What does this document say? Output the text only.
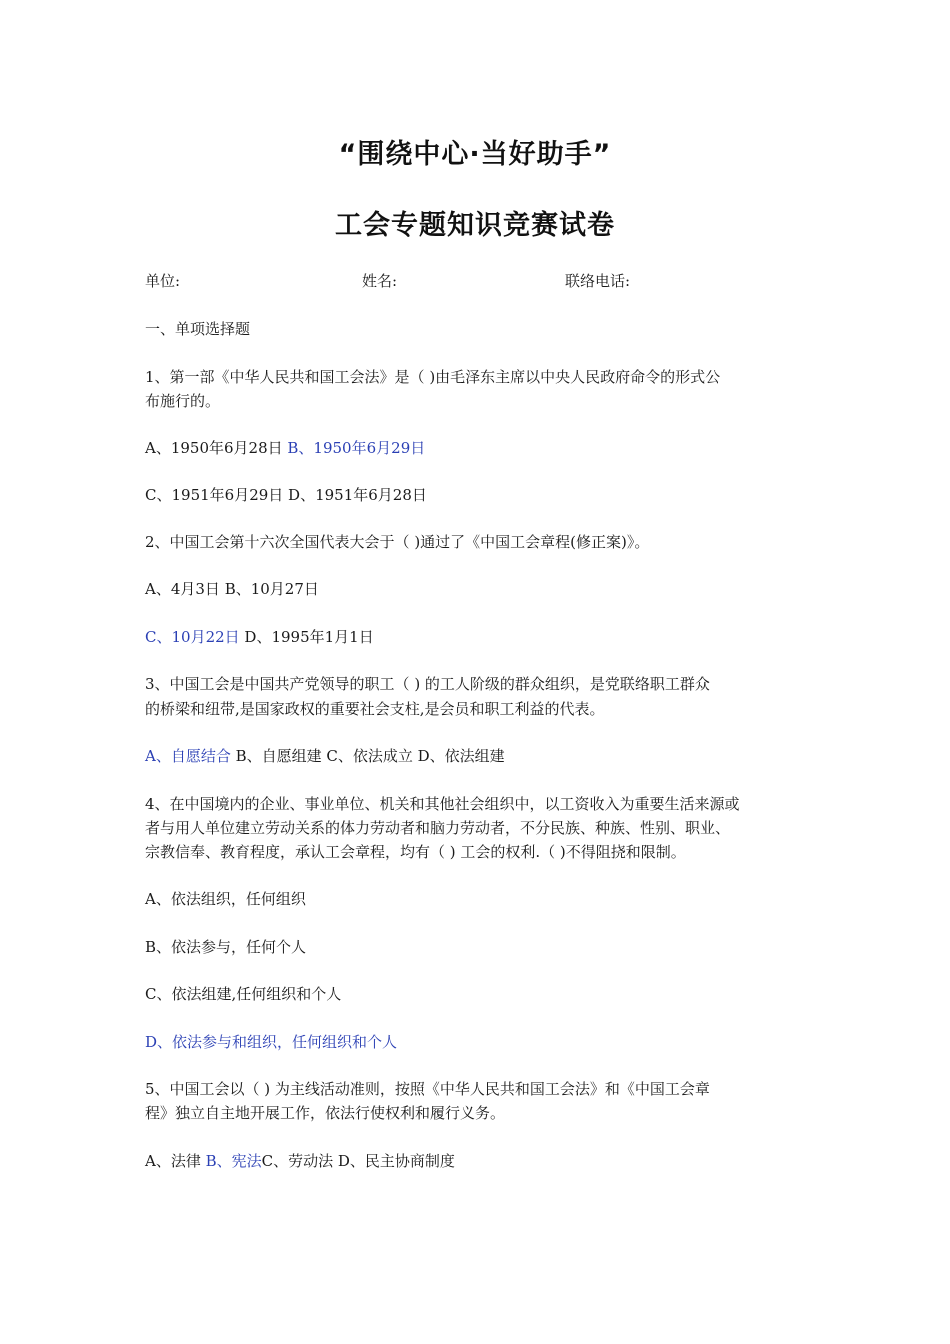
“围绕中心·当好助手”
工会专题知识竞赛试卷
单位:	姓名:	联络电话:
一、单项选择题
1、第一部《中华人民共和国工会法》是（ )由毛泽东主席以中央人民政府命令的形式公
布施行的。
A、1950年6月28日 B、1950年6月29日
C、1951年6月29日 D、1951年6月28日
2、中国工会第十六次全国代表大会于（ )通过了《中国工会章程(修正案)》。
A、4月3日 B、10月27日
C、10月22日 D、1995年1月1日
3、中国工会是中国共产党领导的职工（ ) 的工人阶级的群众组织，是党联络职工群众
的桥梁和纽带,是国家政权的重要社会支柱,是会员和职工利益的代表。
A、自愿结合 B、自愿组建 C、依法成立 D、依法组建
4、在中国境内的企业、事业单位、机关和其他社会组织中，以工资收入为重要生活来源或
者与用人单位建立劳动关系的体力劳动者和脑力劳动者，不分民族、种族、性别、职业、
宗教信奉、教育程度，承认工会章程，均有（ ) 工会的权利.（ )不得阻挠和限制。
A、依法组织，任何组织
B、依法参与，任何个人
C、依法组建,任何组织和个人
D、依法参与和组织，任何组织和个人
5、中国工会以（ ) 为主线活动准则，按照《中华人民共和国工会法》和《中国工会章
程》独立自主地开展工作，依法行使权利和履行义务。
A、法律 B、宪法C、劳动法 D、民主协商制度
